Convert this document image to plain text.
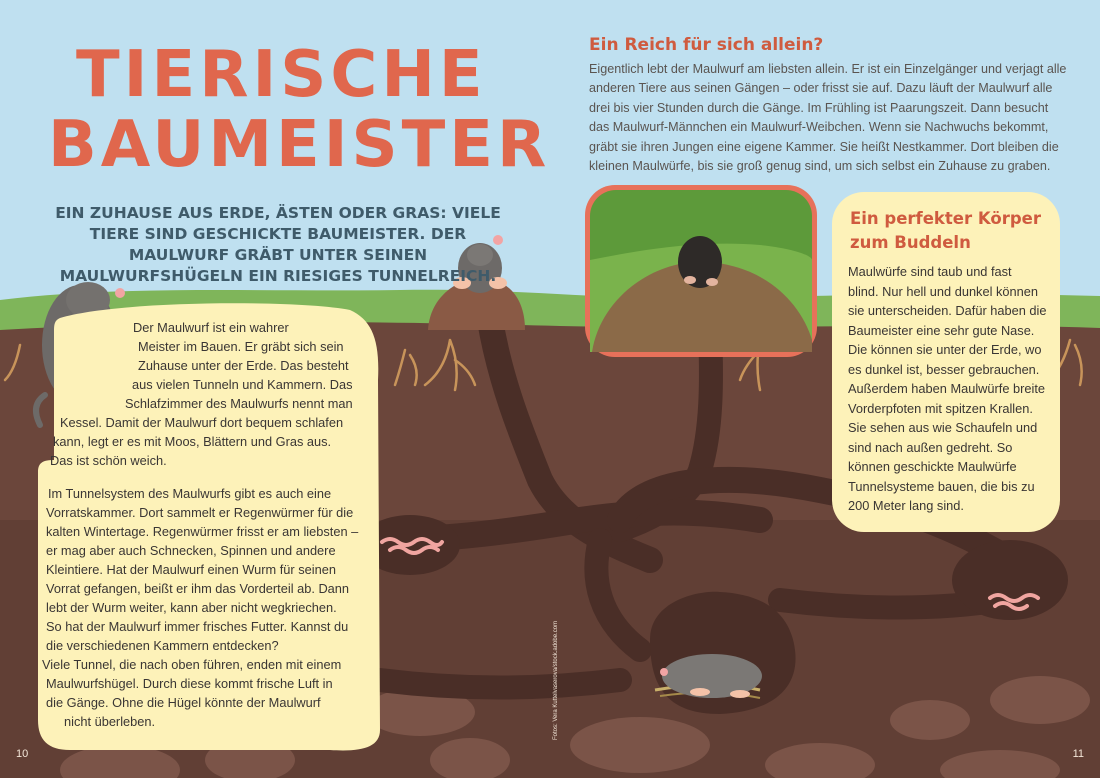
TIERISCHE
BAUMEISTER

EIN ZUHAUSE AUS ERDE, ÄSTEN ODER GRAS: VIELE TIERE SIND GESCHICKTE BAUMEISTER. DER MAULWURF GRÄBT UNTER SEINEN MAULWURFSHÜGELN EIN RIESIGES TUNNELREICH.

Der Maulwurf ist ein wahrer

Meister im Bauen. Er gräbt sich sein

Zuhause unter der Erde. Das besteht

aus vielen Tunneln und Kammern. Das

Schlafzimmer des Maulwurfs nennt man

Kessel. Damit der Maulwurf dort bequem schlafen

kann, legt er es mit Moos, Blättern und Gras aus.

Das ist schön weich.

Im Tunnelsystem des Maulwurfs gibt es auch eine

Vorratskammer. Dort sammelt er Regenwürmer für die

kalten Wintertage. Regenwürmer frisst er am liebsten –

er mag aber auch Schnecken, Spinnen und andere

Kleintiere. Hat der Maulwurf einen Wurm für seinen

Vorrat gefangen, beißt er ihm das Vorderteil ab. Dann

lebt der Wurm weiter, kann aber nicht wegkriechen.

So hat der Maulwurf immer frisches Futter. Kannst du

die verschiedenen Kammern entdecken?

Viele Tunnel, die nach oben führen, enden mit einem

Maulwurfshügel. Durch diese kommt frische Luft in

die Gänge. Ohne die Hügel könnte der Maulwurf

nicht überleben.

Ein Reich für sich allein?

Eigentlich lebt der Maulwurf am liebsten allein. Er ist ein Einzelgänger und verjagt alle

anderen Tiere aus seinen Gängen – oder frisst sie auf. Dazu läuft der Maulwurf alle

drei bis vier Stunden durch die Gänge. Im Frühling ist Paarungszeit. Dann besucht

das Maulwurf-Männchen ein Maulwurf-Weibchen. Wenn sie Nachwuchs bekommt,

gräbt sie ihren Jungen eine eigene Kammer. Sie heißt Nestkammer. Dort bleiben die

kleinen Maulwürfe, bis sie groß genug sind, um sich selbst ein Zuhause zu graben.

Ein perfekter Körper
zum Buddeln

Maulwürfe sind taub und fast

blind. Nur hell und dunkel können

sie unterscheiden. Dafür haben die

Baumeister eine sehr gute Nase.

Die können sie unter der Erde, wo

es dunkel ist, besser gebrauchen.

Außerdem haben Maulwürfe breite

Vorderpfoten mit spitzen Krallen.

Sie sehen aus wie Schaufeln und

sind nach außen gedreht. So

können geschickte Maulwürfe

Tunnelsysteme bauen, die bis zu

200 Meter lang sind.

Fotos: Vera Kuttelvaserova/stock.adobe.com
10	11
